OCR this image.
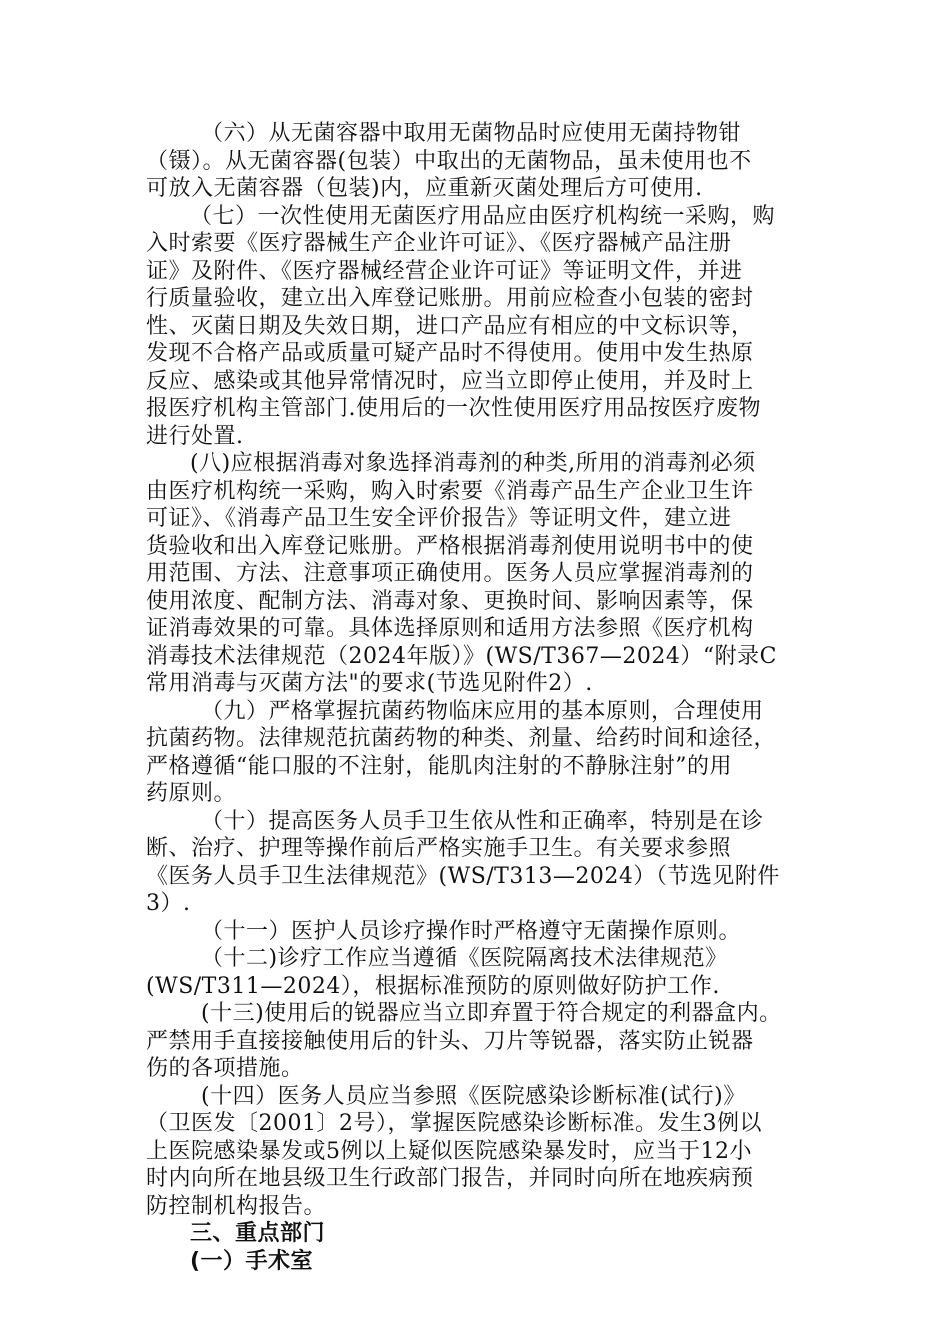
（六）从无菌容器中取用无菌物品时应使用无菌持物钳
（镊）。从无菌容器(包装）中取出的无菌物品，虽未使用也不
可放入无菌容器（包装)内，应重新灭菌处理后方可使用.
（七）一次性使用无菌医疗用品应由医疗机构统一采购，购
入时索要《医疗器械生产企业许可证》、《医疗器械产品注册
证》及附件、《医疗器械经营企业许可证》等证明文件，并进
行质量验收，建立出入库登记账册。用前应检查小包装的密封
性、灭菌日期及失效日期，进口产品应有相应的中文标识等，
发现不合格产品或质量可疑产品时不得使用。使用中发生热原
反应、感染或其他异常情况时，应当立即停止使用，并及时上
报医疗机构主管部门.使用后的一次性使用医疗用品按医疗废物
进行处置.
(八)应根据消毒对象选择消毒剂的种类,所用的消毒剂必须
由医疗机构统一采购，购入时索要《消毒产品生产企业卫生许
可证》、《消毒产品卫生安全评价报告》等证明文件，建立进
货验收和出入库登记账册。严格根据消毒剂使用说明书中的使
用范围、方法、注意事项正确使用。医务人员应掌握消毒剂的
使用浓度、配制方法、消毒对象、更换时间、影响因素等，保
证消毒效果的可靠。具体选择原则和适用方法参照《医疗机构
消毒技术法律规范（2024年版）》(WS/T367—2024）“附录C
常用消毒与灭菌方法"的要求(节选见附件2）.
（九）严格掌握抗菌药物临床应用的基本原则，合理使用
抗菌药物。法律规范抗菌药物的种类、剂量、给药时间和途径，
严格遵循“能口服的不注射，能肌肉注射的不静脉注射”的用
药原则。
（十）提高医务人员手卫生依从性和正确率，特别是在诊
断、治疗、护理等操作前后严格实施手卫生。有关要求参照
《医务人员手卫生法律规范》(WS/T313—2024）（节选见附件
3）.
（十一）医护人员诊疗操作时严格遵守无菌操作原则。
（十二)诊疗工作应当遵循《医院隔离技术法律规范》
(WS/T311—2024），根据标准预防的原则做好防护工作.
(十三)使用后的锐器应当立即弃置于符合规定的利器盒内。
严禁用手直接接触使用后的针头、刀片等锐器，落实防止锐器
伤的各项措施。
(十四）医务人员应当参照《医院感染诊断标准(试行)》
（卫医发〔2001〕2号），掌握医院感染诊断标准。发生3例以
上医院感染暴发或5例以上疑似医院感染暴发时，应当于12小
时内向所在地县级卫生行政部门报告，并同时向所在地疾病预
防控制机构报告。
三、重点部门
(一）手术室
